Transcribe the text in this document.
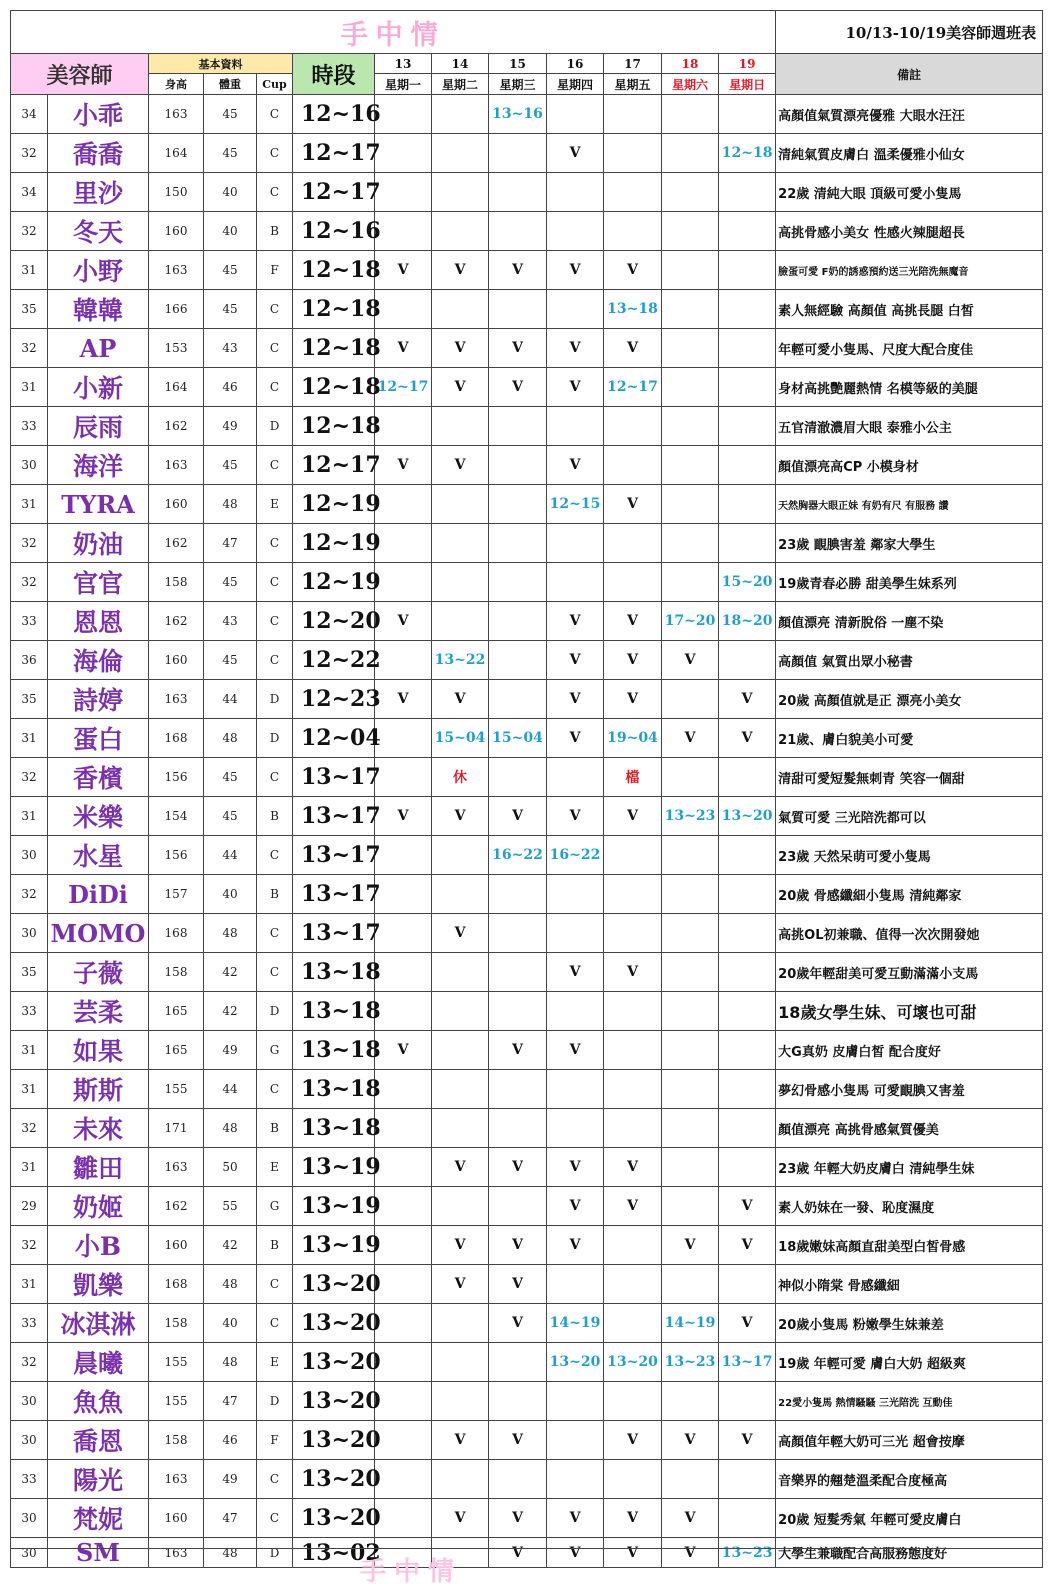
手中情													10/13-10/19美容師週班表
美容師		基本資料			時段	13	14	15	16	17	18	19	備註
		身高	體重	Cup		星期一	星期二	星期三	星期四	星期五	星期六	星期日	
34	小乖	163	45	C	12~16			13~16					高顏值氣質漂亮優雅 大眼水汪汪
32	喬喬	164	45	C	12~17				V			12~18	清純氣質皮膚白 溫柔優雅小仙女
34	里沙	150	40	C	12~17								22歲 清純大眼 頂級可愛小隻馬
32	冬天	160	40	B	12~16								高挑骨感小美女 性感火辣腿超長
31	小野	163	45	F	12~18	V	V	V	V	V			臉蛋可愛 F奶的誘惑預約送三光陪洗無魔音
35	韓韓	166	45	C	12~18					13~18			素人無經驗 高顏值 高挑長腿 白皙
32	AP	153	43	C	12~18	V	V	V	V	V			年輕可愛小隻馬、尺度大配合度佳
31	小新	164	46	C	12~18	12~17	V	V	V	12~17			身材高挑艷麗熱情 名模等級的美腿
33	辰雨	162	49	D	12~18								五官清澈濃眉大眼 泰雅小公主
30	海洋	163	45	C	12~17	V	V		V				顏值漂亮高CP 小模身材
31	TYRA	160	48	E	12~19				12~15	V			天然胸器大眼正妹 有奶有尺 有服務 讚
32	奶油	162	47	C	12~19								23歲 靦腆害羞 鄰家大學生
32	官官	158	45	C	12~19							15~20	19歲青春必勝 甜美學生妹系列
33	恩恩	162	43	C	12~20	V			V	V	17~20	18~20	顏值漂亮 清新脫俗 一塵不染
36	海倫	160	45	C	12~22		13~22		V	V	V		高顏值 氣質出眾小秘書
35	詩婷	163	44	D	12~23	V	V		V	V		V	20歲 高顏值就是正 漂亮小美女
31	蛋白	168	48	D	12~04		15~04	15~04	V	19~04	V	V	21歲、膚白貌美小可愛
32	香檳	156	45	C	13~17		休			檔			清甜可愛短髮無刺青 笑容一個甜
31	米樂	154	45	B	13~17	V	V	V	V	V	13~23	13~20	氣質可愛 三光陪洗都可以
30	水星	156	44	C	13~17			16~22	16~22				23歲 天然呆萌可愛小隻馬
32	DiDi	157	40	B	13~17								20歲 骨感纖細小隻馬 清純鄰家
30	MOMO	168	48	C	13~17		V						高挑OL初兼職、值得一次次開發她
35	子薇	158	42	C	13~18				V	V			20歲年輕甜美可愛互動滿滿小支馬
33	芸柔	165	42	D	13~18								18歲女學生妹、可壞也可甜
31	如果	165	49	G	13~18	V		V	V				大G真奶 皮膚白皙 配合度好
31	斯斯	155	44	C	13~18								夢幻骨感小隻馬 可愛靦腆又害羞
32	未來	171	48	B	13~18								顏值漂亮 高挑骨感氣質優美
31	雛田	163	50	E	13~19		V	V	V	V			23歲 年輕大奶皮膚白 清純學生妹
29	奶姬	162	55	G	13~19				V	V		V	素人奶妹在一發、恥度濕度
32	小B	160	42	B	13~19		V	V	V		V	V	18歲嫩妹高顏直甜美型白皙骨感
31	凱樂	168	48	C	13~20		V	V					神似小隋棠 骨感纖細
33	冰淇淋	158	40	C	13~20			V	14~19		14~19	V	20歲小隻馬 粉嫩學生妹兼差
32	晨曦	155	48	E	13~20				13~20	13~20	13~23	13~17	19歲 年輕可愛 膚白大奶 超級爽
30	魚魚	155	47	D	13~20								22愛小隻馬 熱情騷騷 三光陪洗 互動佳
30	喬恩	158	46	F	13~20		V	V		V	V	V	高顏值年輕大奶可三光 超會按摩
33	陽光	163	49	C	13~20								音樂界的翹楚溫柔配合度極高
30	梵妮	160	47	C	13~20		V	V	V	V	V		20歲 短髮秀氣 年輕可愛皮膚白
30	SM	163	48	D	13~02			V	V	V	V	13~23	大學生兼職配合高服務態度好
手中情
